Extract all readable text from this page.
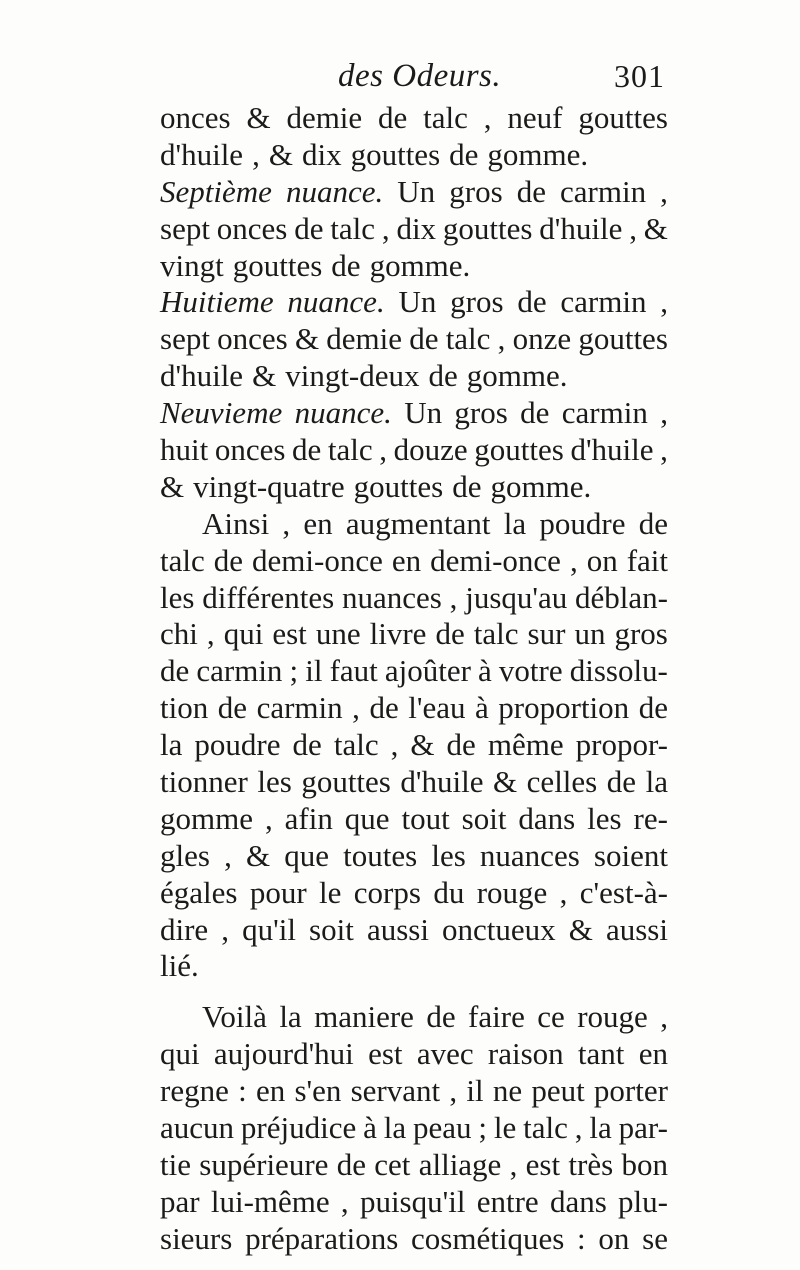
des Odeurs.	301
onces & demie de talc , neuf gouttes
d'huile , & dix gouttes de gomme.
Septième nuance. Un gros de carmin ,
sept onces de talc , dix gouttes d'huile , &
vingt gouttes de gomme.
Huitieme nuance. Un gros de carmin ,
sept onces & demie de talc , onze gouttes
d'huile & vingt-deux de gomme.
Neuvieme nuance. Un gros de carmin ,
huit onces de talc , douze gouttes d'huile ,
& vingt-quatre gouttes de gomme.
Ainsi , en augmentant la poudre de
talc de demi-once en demi-once , on fait
les différentes nuances , jusqu'au déblan-
chi , qui est une livre de talc sur un gros
de carmin ; il faut ajoûter à votre dissolu-
tion de carmin , de l'eau à proportion de
la poudre de talc , & de même propor-
tionner les gouttes d'huile & celles de la
gomme , afin que tout soit dans les re-
gles , & que toutes les nuances soient
égales pour le corps du rouge , c'est-à-
dire , qu'il soit aussi onctueux & aussi
lié.
Voilà la maniere de faire ce rouge ,
qui aujourd'hui est avec raison tant en
regne : en s'en servant , il ne peut porter
aucun préjudice à la peau ; le talc , la par-
tie supérieure de cet alliage , est très bon
par lui-même , puisqu'il entre dans plu-
sieurs préparations cosmétiques : on se
